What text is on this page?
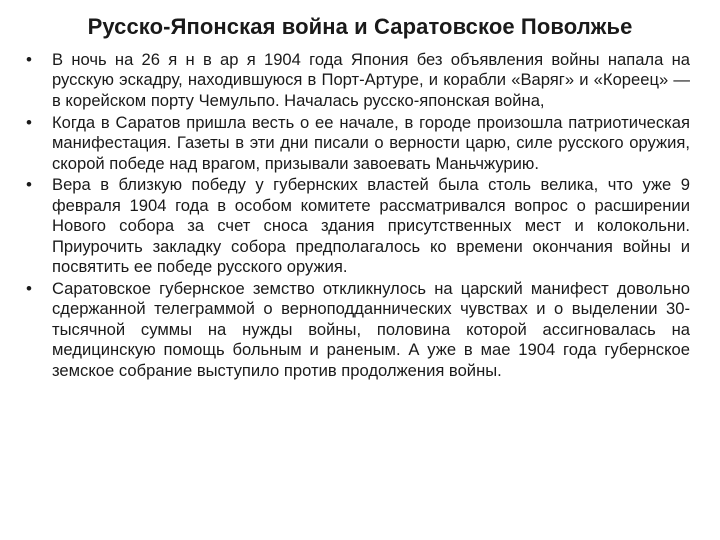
Русско-Японская война и Саратовское Поволжье
•	В ночь на 26 я н в ар я 1904 года Япония без объявления войны напала на русскую эскадру, находившуюся в Порт-Артуре, и корабли «Варяг» и «Кореец» — в корейском порту Чемульпо. Началась русско-японская война,
•	Когда в Саратов пришла весть о ее начале, в городе произошла патриотическая манифестация. Газеты в эти дни писали о верности царю, силе русского оружия, скорой победе над врагом, призывали завоевать Маньчжурию.
•	Вера в близкую победу у губернских властей была столь велика, что уже 9 февраля 1904 года в особом комитете рассматривался вопрос о расширении Нового собора за счет сноса здания присутственных мест и колокольни. Приурочить закладку собора предполагалось ко времени окончания войны и посвятить ее победе русского оружия.
•	Саратовское губернское земство откликнулось на царский манифест довольно сдержанной телеграммой о верноподданнических чувствах и о выделении 30-тысячной суммы на нужды войны, половина которой ассигновалась на медицинскую помощь больным и раненым. А уже в мае 1904 года губернское земское собрание выступило против продолжения войны.
